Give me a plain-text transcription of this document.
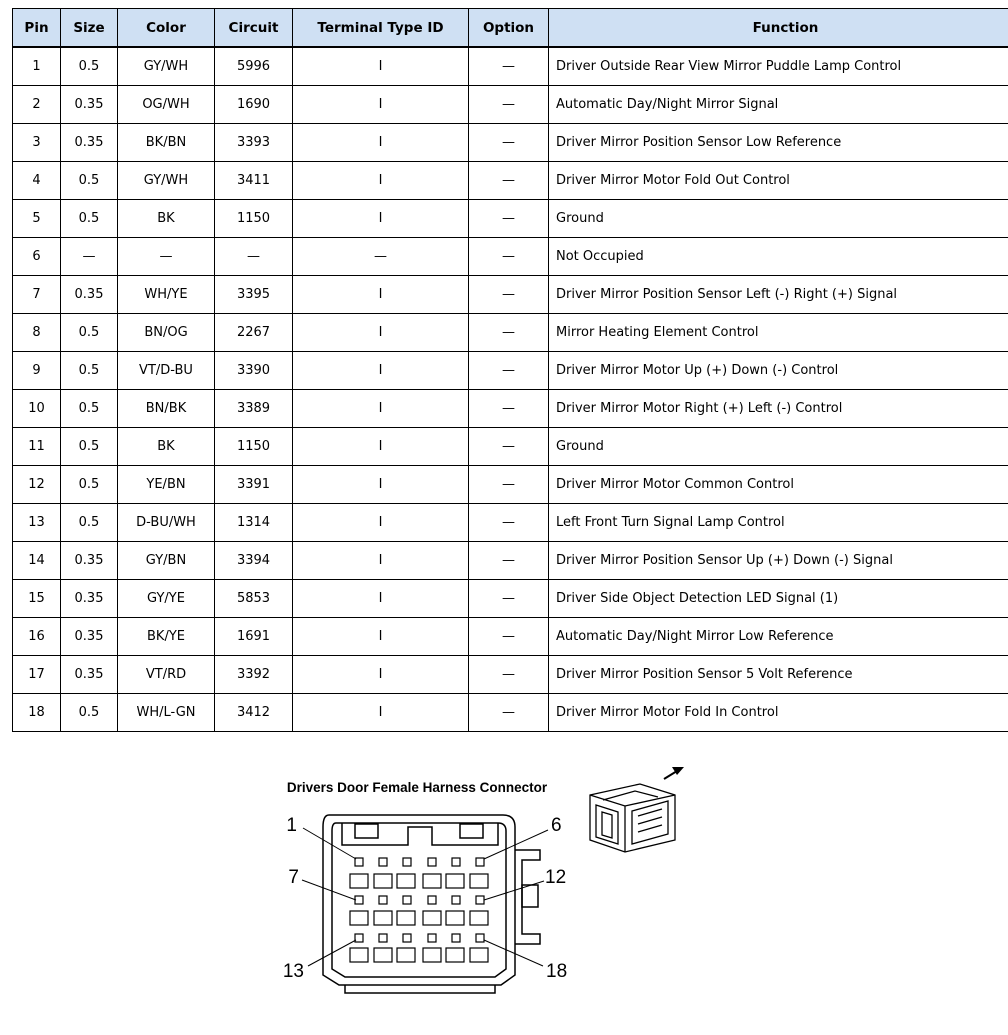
Pin	Size	Color	Circuit	Terminal Type ID	Option	Function
1	0.5	GY/WH	5996	I	—	Driver Outside Rear View Mirror Puddle Lamp Control
2	0.35	OG/WH	1690	I	—	Automatic Day/Night Mirror Signal
3	0.35	BK/BN	3393	I	—	Driver Mirror Position Sensor Low Reference
4	0.5	GY/WH	3411	I	—	Driver Mirror Motor Fold Out Control
5	0.5	BK	1150	I	—	Ground
6	—	—	—	—	—	Not Occupied
7	0.35	WH/YE	3395	I	—	Driver Mirror Position Sensor Left (-) Right (+) Signal
8	0.5	BN/OG	2267	I	—	Mirror Heating Element Control
9	0.5	VT/D-BU	3390	I	—	Driver Mirror Motor Up (+) Down (-) Control
10	0.5	BN/BK	3389	I	—	Driver Mirror Motor Right (+) Left (-) Control
11	0.5	BK	1150	I	—	Ground
12	0.5	YE/BN	3391	I	—	Driver Mirror Motor Common Control
13	0.5	D-BU/WH	1314	I	—	Left Front Turn Signal Lamp Control
14	0.35	GY/BN	3394	I	—	Driver Mirror Position Sensor Up (+) Down (-) Signal
15	0.35	GY/YE	5853	I	—	Driver Side Object Detection LED Signal (1)
16	0.35	BK/YE	1691	I	—	Automatic Day/Night Mirror Low Reference
17	0.35	VT/RD	3392	I	—	Driver Mirror Position Sensor 5 Volt Reference
18	0.5	WH/L-GN	3412	I	—	Driver Mirror Motor Fold In Control
Drivers Door Female Harness Connector
1	6
7	12
13	18
